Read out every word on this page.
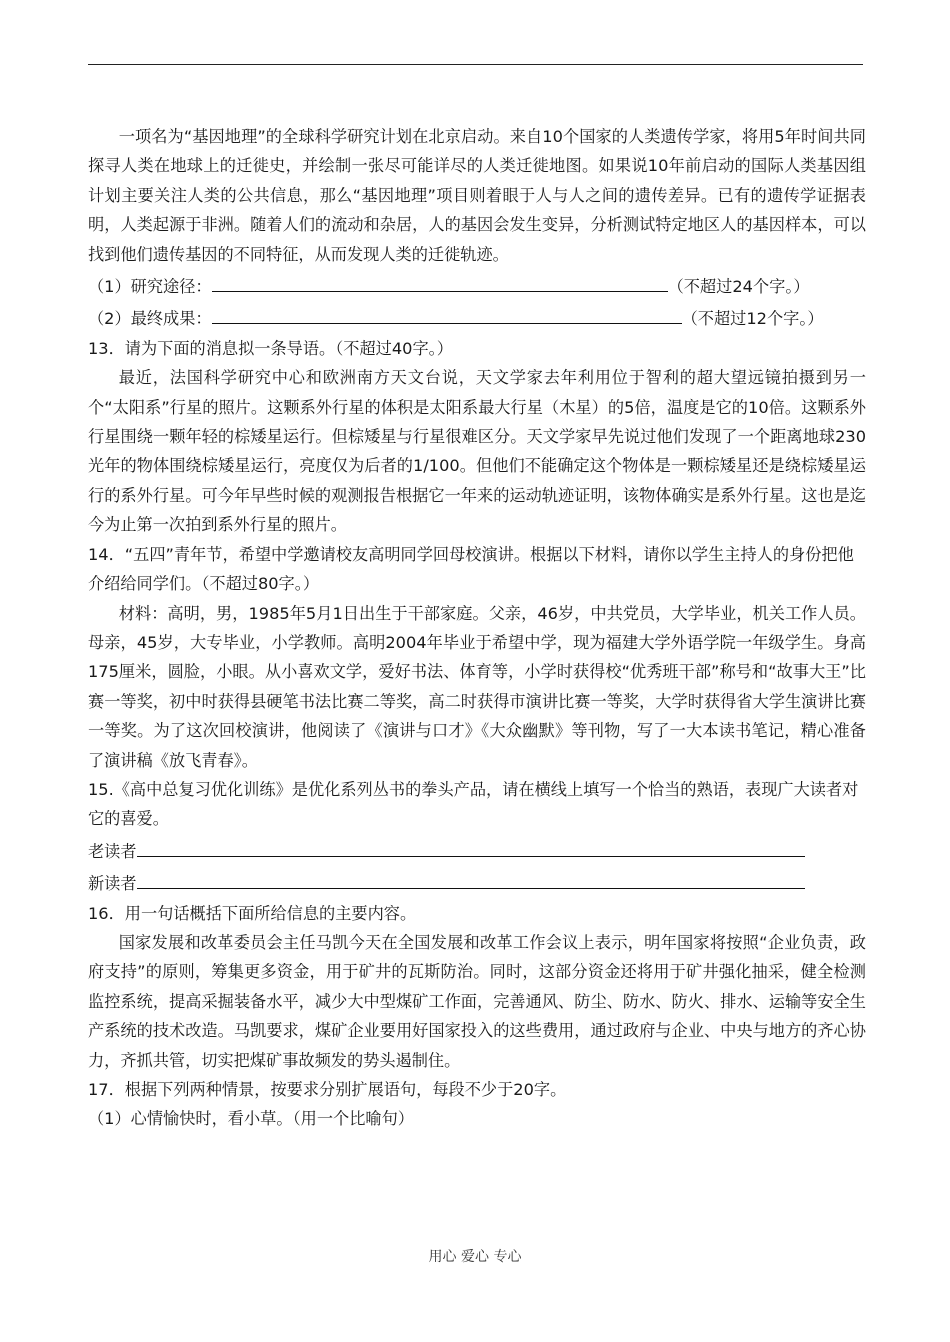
一项名为“基因地理”的全球科学研究计划在北京启动。来自10个国家的人类遗传学家，将用5年时间共同探寻人类在地球上的迁徙史，并绘制一张尽可能详尽的人类迁徙地图。如果说10年前启动的国际人类基因组计划主要关注人类的公共信息，那么“基因地理”项目则着眼于人与人之间的遗传差异。已有的遗传学证据表明，人类起源于非洲。随着人们的流动和杂居，人的基因会发生变异，分析测试特定地区人的基因样本，可以找到他们遗传基因的不同特征，从而发现人类的迁徙轨迹。

（1）研究途径：	（不超过24个字。）

（2）最终成果：	（不超过12个字。）

13．请为下面的消息拟一条导语。（不超过40字。）

最近，法国科学研究中心和欧洲南方天文台说，天文学家去年利用位于智利的超大望远镜拍摄到另一个“太阳系”行星的照片。这颗系外行星的体积是太阳系最大行星（木星）的5倍，温度是它的10倍。这颗系外行星围绕一颗年轻的棕矮星运行。但棕矮星与行星很难区分。天文学家早先说过他们发现了一个距离地球230光年的物体围绕棕矮星运行，亮度仅为后者的1/100。但他们不能确定这个物体是一颗棕矮星还是绕棕矮星运行的系外行星。可今年早些时候的观测报告根据它一年来的运动轨迹证明，该物体确实是系外行星。这也是迄今为止第一次拍到系外行星的照片。

14．“五四”青年节，希望中学邀请校友高明同学回母校演讲。根据以下材料，请你以学生主持人的身份把他介绍给同学们。（不超过80字。）

材料：高明，男，1985年5月1日出生于干部家庭。父亲，46岁，中共党员，大学毕业，机关工作人员。母亲，45岁，大专毕业，小学教师。高明2004年毕业于希望中学，现为福建大学外语学院一年级学生。身高175厘米，圆脸，小眼。从小喜欢文学，爱好书法、体育等，小学时获得校“优秀班干部”称号和“故事大王”比赛一等奖，初中时获得县硬笔书法比赛二等奖，高二时获得市演讲比赛一等奖，大学时获得省大学生演讲比赛一等奖。为了这次回校演讲，他阅读了《演讲与口才》《大众幽默》等刊物，写了一大本读书笔记，精心准备了演讲稿《放飞青春》。

15.《高中总复习优化训练》是优化系列丛书的拳头产品，请在横线上填写一个恰当的熟语，表现广大读者对它的喜爱。

老读者

新读者

16．用一句话概括下面所给信息的主要内容。

国家发展和改革委员会主任马凯今天在全国发展和改革工作会议上表示，明年国家将按照“企业负责，政府支持”的原则，筹集更多资金，用于矿井的瓦斯防治。同时，这部分资金还将用于矿井强化抽采，健全检测监控系统，提高采掘装备水平，减少大中型煤矿工作面，完善通风、防尘、防水、防火、排水、运输等安全生产系统的技术改造。马凯要求，煤矿企业要用好国家投入的这些费用，通过政府与企业、中央与地方的齐心协力，齐抓共管，切实把煤矿事故频发的势头遏制住。

17．根据下列两种情景，按要求分别扩展语句，每段不少于20字。

（1）心情愉快时，看小草。（用一个比喻句）

用心 爱心 专心
